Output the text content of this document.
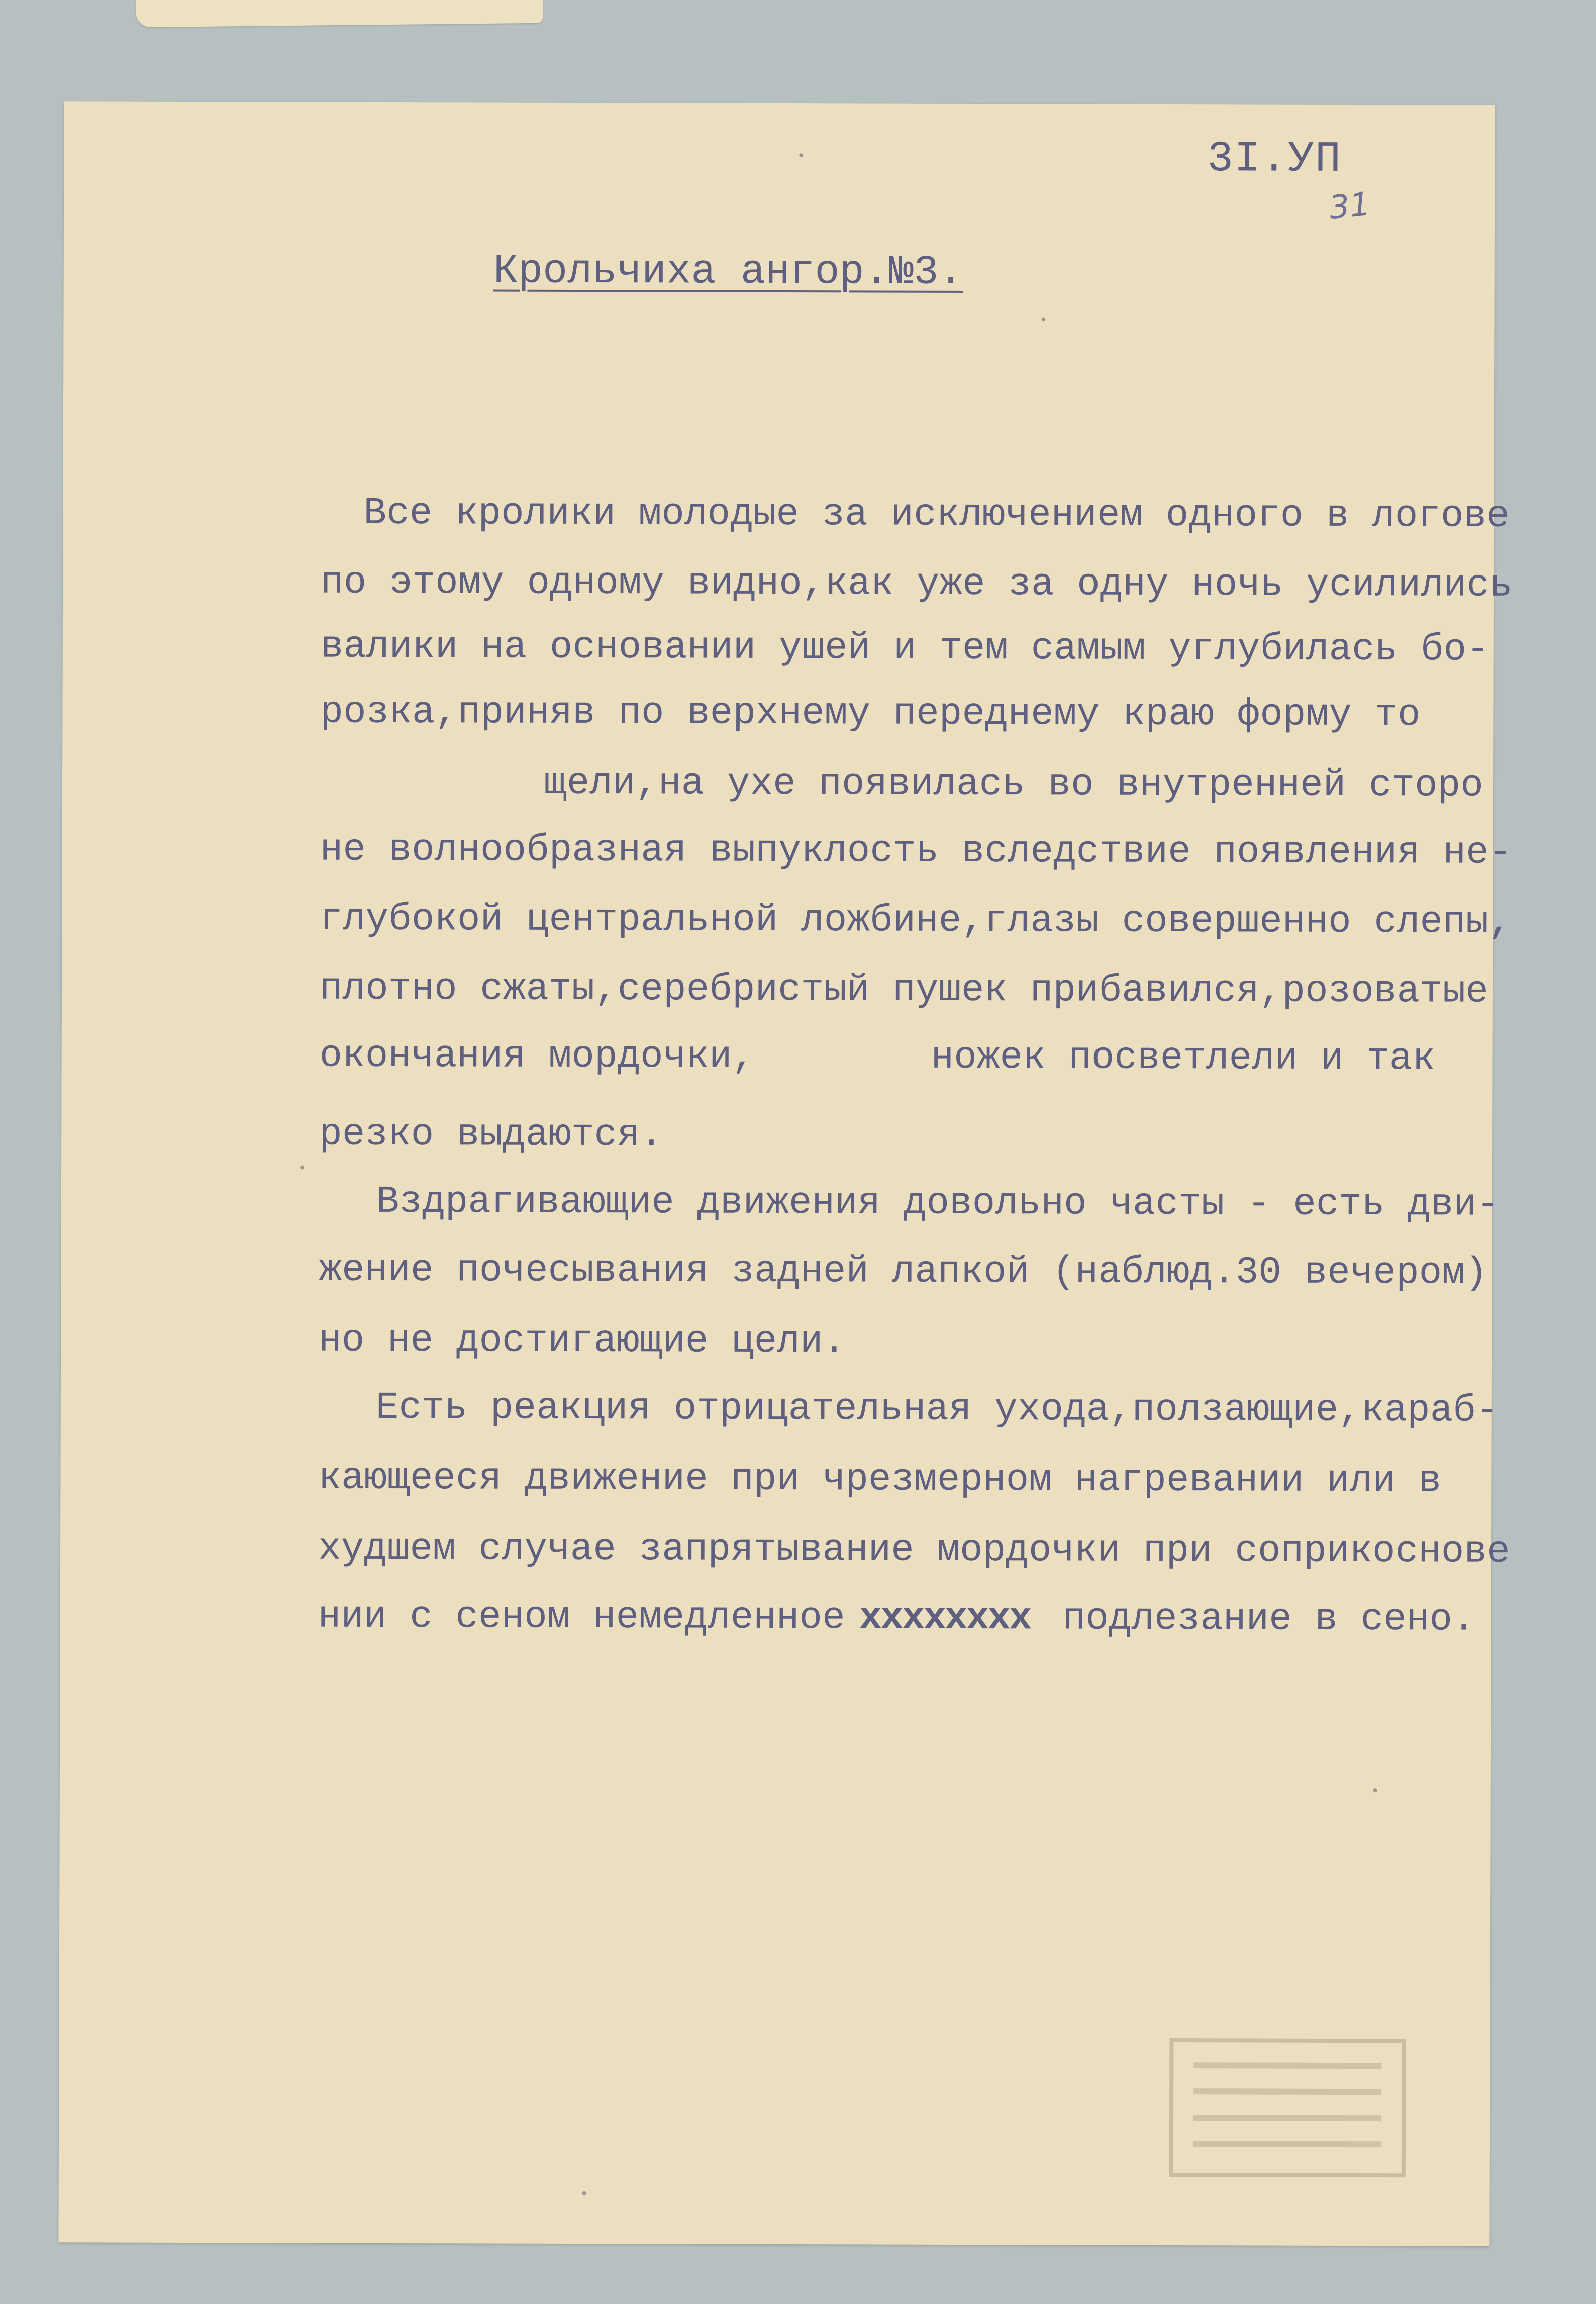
3I.УП
31
Крольчиха ангор.№3.
Все кролики молодые за исключением одного в логове
по этому одному видно,как уже за одну ночь усилились
валики на основании ушей и тем самым углубилась бо-
розка,приняв по верхнему переднему краю форму то
щели,на ухе появилась во внутренней сторо
не волнообразная выпуклость вследствие появления не-
глубокой центральной ложбине,глазы совершенно слепы,
плотно сжаты,серебристый пушек прибавился,розоватые
окончания мордочки,	ножек посветлели и так
резко выдаются.
Вздрагивающие движения довольно часты - есть дви-
жение почесывания задней лапкой (наблюд.30 вечером)
но не достигающие цели.
Есть реакция отрицательная ухода,ползающие,караб-
кающееся движение при чрезмерном нагревании или в
худшем случае запрятывание мордочки при соприкоснове
нии с сеном немедленное xxxxxxxx подлезание в сено.
